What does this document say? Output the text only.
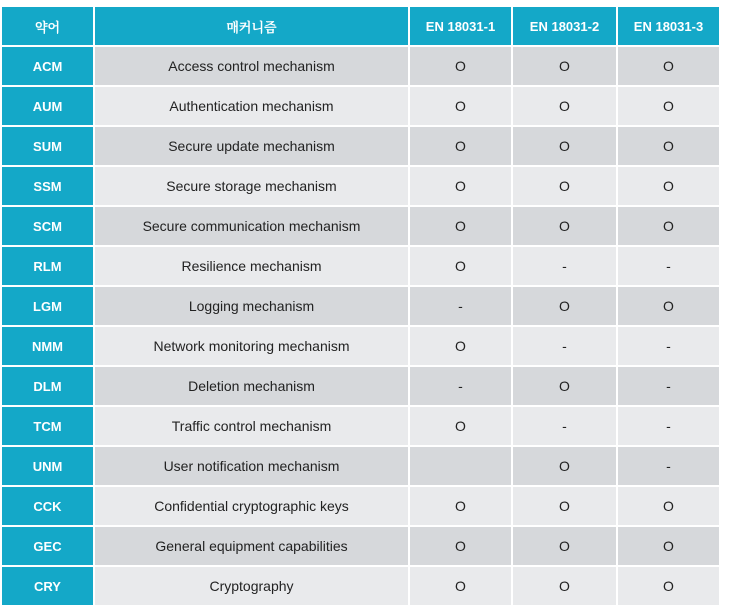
약어	매커니즘	EN 18031-1	EN 18031-2	EN 18031-3
ACM	Access control mechanism	O	O	O
AUM	Authentication mechanism	O	O	O
SUM	Secure update mechanism	O	O	O
SSM	Secure storage mechanism	O	O	O
SCM	Secure communication mechanism	O	O	O
RLM	Resilience mechanism	O	-	-
LGM	Logging mechanism	-	O	O
NMM	Network monitoring mechanism	O	-	-
DLM	Deletion mechanism	-	O	-
TCM	Traffic control mechanism	O	-	-
UNM	User notification mechanism		O	-
CCK	Confidential cryptographic keys	O	O	O
GEC	General equipment capabilities	O	O	O
CRY	Cryptography	O	O	O
